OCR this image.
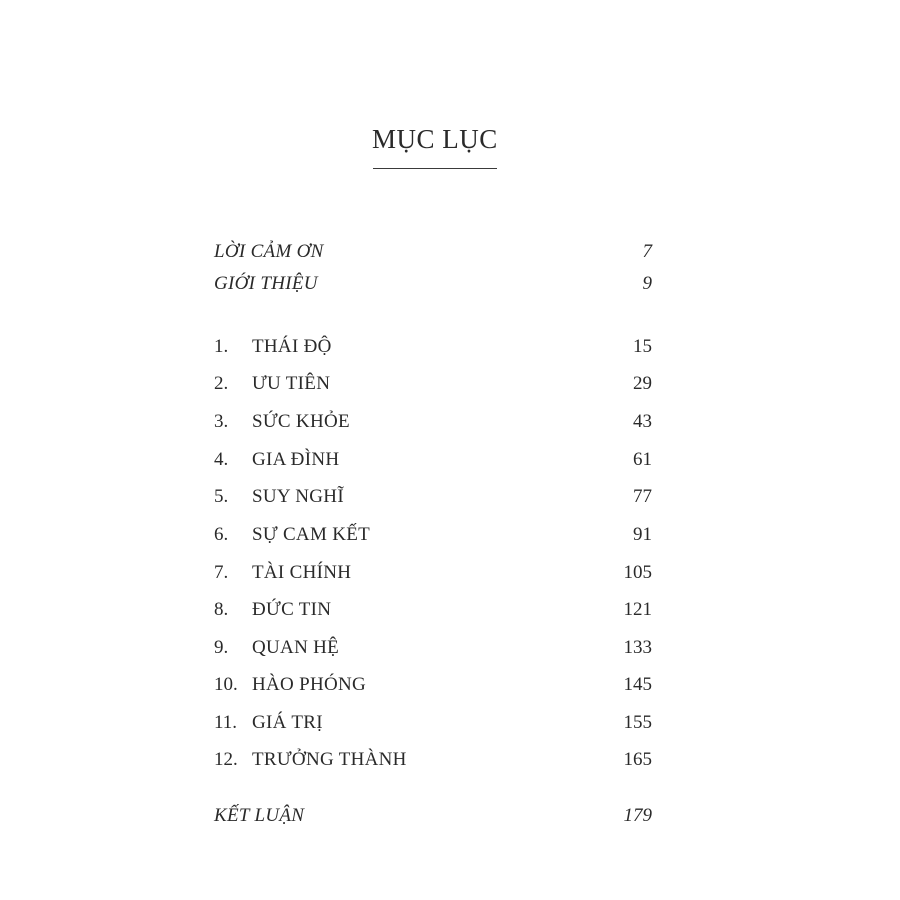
MỤC LỤC
LỜI CẢM ƠN	7
GIỚI THIỆU	9
1. THÁI ĐỘ	15
2. ƯU TIÊN	29
3. SỨC KHỎE	43
4. GIA ĐÌNH	61
5. SUY NGHĨ	77
6. SỰ CAM KẾT	91
7. TÀI CHÍNH	105
8. ĐỨC TIN	121
9. QUAN HỆ	133
10. HÀO PHÓNG	145
11. GIÁ TRỊ	155
12. TRƯỞNG THÀNH	165
KẾT LUẬN	179
